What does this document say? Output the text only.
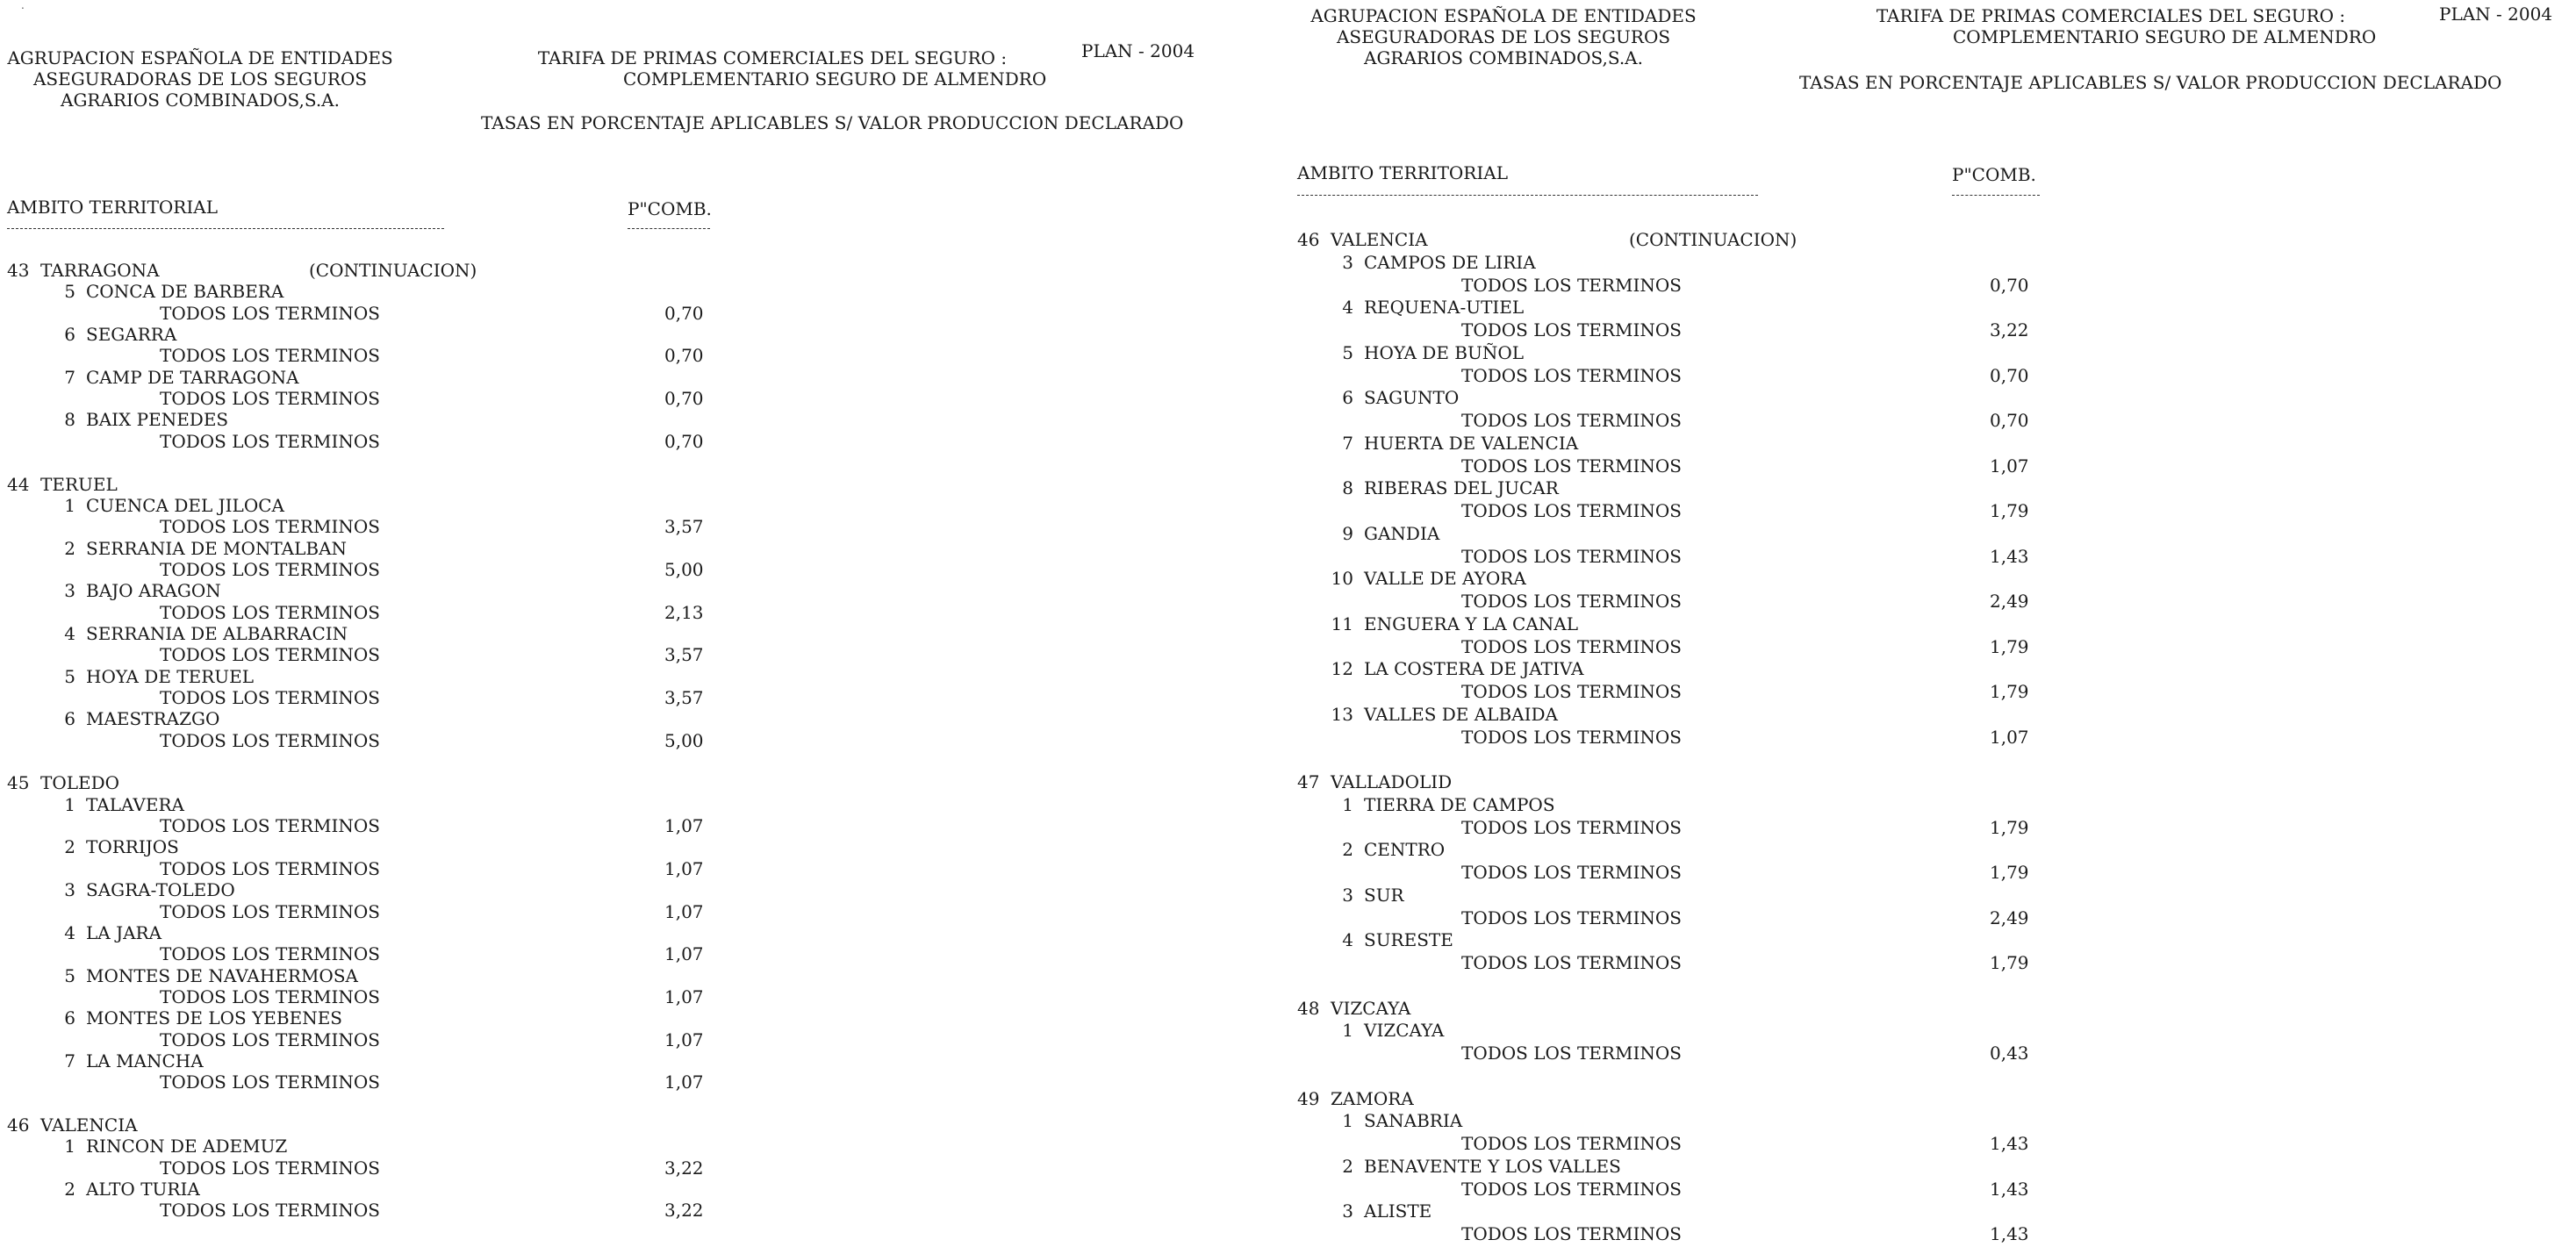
AGRUPACION ESPAÑOLA DE ENTIDADES
ASEGURADORAS DE LOS SEGUROS
AGRARIOS COMBINADOS,S.A.
TARIFA DE PRIMAS COMERCIALES DEL SEGURO :
COMPLEMENTARIO SEGURO DE ALMENDRO
PLAN - 2004
TASAS EN PORCENTAJE APLICABLES S/ VALOR PRODUCCION DECLARADO
AMBITO TERRITORIAL	P"COMB.
.
43 TARRAGONA	(CONTINUACION)
5 CONCA DE BARBERA
TODOS LOS TERMINOS	0,70
6 SEGARRA
TODOS LOS TERMINOS	0,70
7 CAMP DE TARRAGONA
TODOS LOS TERMINOS	0,70
8 BAIX PENEDES
TODOS LOS TERMINOS	0,70
44 TERUEL
1 CUENCA DEL JILOCA
TODOS LOS TERMINOS	3,57
2 SERRANIA DE MONTALBAN
TODOS LOS TERMINOS	5,00
3 BAJO ARAGON
TODOS LOS TERMINOS	2,13
4 SERRANIA DE ALBARRACIN
TODOS LOS TERMINOS	3,57
5 HOYA DE TERUEL
TODOS LOS TERMINOS	3,57
6 MAESTRAZGO
TODOS LOS TERMINOS	5,00
45 TOLEDO
1 TALAVERA
TODOS LOS TERMINOS	1,07
2 TORRIJOS
TODOS LOS TERMINOS	1,07
3 SAGRA-TOLEDO
TODOS LOS TERMINOS	1,07
4 LA JARA
TODOS LOS TERMINOS	1,07
5 MONTES DE NAVAHERMOSA
TODOS LOS TERMINOS	1,07
6 MONTES DE LOS YEBENES
TODOS LOS TERMINOS	1,07
7 LA MANCHA
TODOS LOS TERMINOS	1,07
46 VALENCIA
1 RINCON DE ADEMUZ
TODOS LOS TERMINOS	3,22
2 ALTO TURIA
TODOS LOS TERMINOS	3,22
AGRUPACION ESPAÑOLA DE ENTIDADES
ASEGURADORAS DE LOS SEGUROS
AGRARIOS COMBINADOS,S.A.
TARIFA DE PRIMAS COMERCIALES DEL SEGURO :
COMPLEMENTARIO SEGURO DE ALMENDRO
PLAN - 2004
TASAS EN PORCENTAJE APLICABLES S/ VALOR PRODUCCION DECLARADO
AMBITO TERRITORIAL	P"COMB.
46 VALENCIA	(CONTINUACION)
3 CAMPOS DE LIRIA
TODOS LOS TERMINOS	0,70
4 REQUENA-UTIEL
TODOS LOS TERMINOS	3,22
5 HOYA DE BUÑOL
TODOS LOS TERMINOS	0,70
6 SAGUNTO
TODOS LOS TERMINOS	0,70
7 HUERTA DE VALENCIA
TODOS LOS TERMINOS	1,07
8 RIBERAS DEL JUCAR
TODOS LOS TERMINOS	1,79
9 GANDIA
TODOS LOS TERMINOS	1,43
10 VALLE DE AYORA
TODOS LOS TERMINOS	2,49
11 ENGUERA Y LA CANAL
TODOS LOS TERMINOS	1,79
12 LA COSTERA DE JATIVA
TODOS LOS TERMINOS	1,79
13 VALLES DE ALBAIDA
TODOS LOS TERMINOS	1,07
47 VALLADOLID
1 TIERRA DE CAMPOS
TODOS LOS TERMINOS	1,79
2 CENTRO
TODOS LOS TERMINOS	1,79
3 SUR
TODOS LOS TERMINOS	2,49
4 SURESTE
TODOS LOS TERMINOS	1,79
48 VIZCAYA
1 VIZCAYA
TODOS LOS TERMINOS	0,43
49 ZAMORA
1 SANABRIA
TODOS LOS TERMINOS	1,43
2 BENAVENTE Y LOS VALLES
TODOS LOS TERMINOS	1,43
3 ALISTE
TODOS LOS TERMINOS	1,43
